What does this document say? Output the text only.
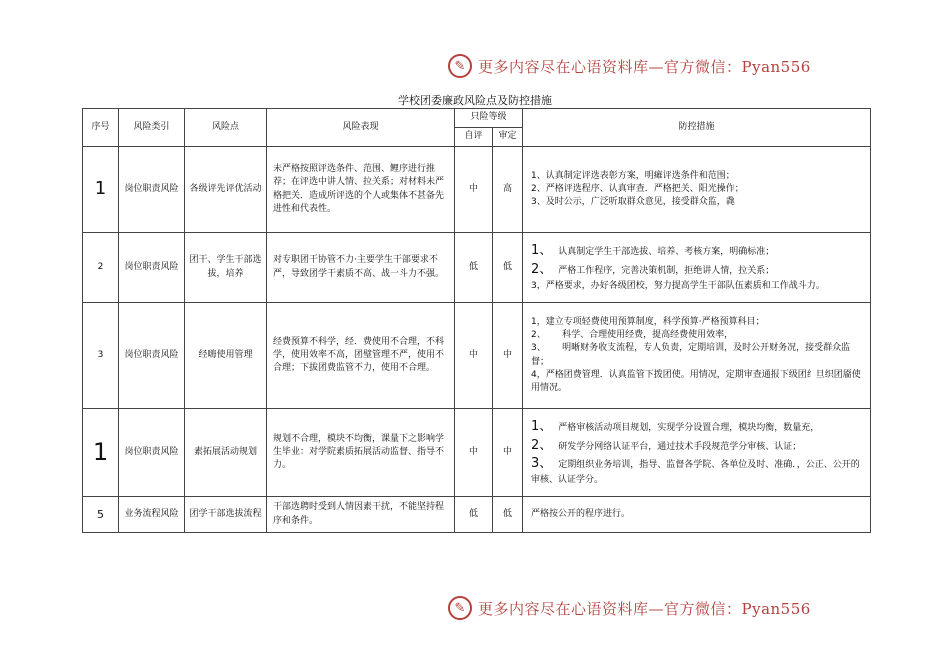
✎ 更多内容尽在心语资料库—官方微信：Pyan556
学校团委廉政风险点及防控措施
序号	风险类引	风险点	风险表现	只险等级		防控措施
				自评	审定	
1	岗位职责风险	各级评先评优活动	未严格按照评选条件、范围、鲤序进行推荐；在评选中讲人情、拉关系；对材料未严格把关．造成所评选的个人或集体不甚备先进性和代表性。	中	高	1、认真制定评选表彰方案，明瘫评选条件和范围；
2、严格评选程序、认真审查．严格把关、阳光操作；
3、及时公示，广泛听取群众意见，接受群众监，毳

2	岗位职责风险	团干、学生干部选拔，培养	对专职团干协管不力·主要学生干部要求不严，导致团学干素质不高、战一斗力不强。	低	低	1、 认真制定学生干部选拔、培养、考核方案，明确标准；
2、 严格工作程序，完善决策机制，拒绝讲人情，拉关系；
3，严格要求，办好各级团校，努力提高学生干部队伍素质和工作战斗力。

3	岗位职责风险	经嗨使用管理	经费预算不科学，经．费使用不合理，不科学，使用效率不高，团璧管理不严，使用不合理；下拔团费监管不力，使用不合理。	中	中	1，建立专项轻费使用预算制度，科学预算·严格预算科目；
2、 科学、合理使用经费，提高经费使用效率，
3、 明晰财务收支流程，专人负责，定期培训，及时公开财务况，接受群众监督；
4，严格团费管理．认真监管下拨团使。用情况，定期审查通报下级团纟旦织团靥使用情况。

1	岗位职责风险	素拓展活动规划	规划不合理，模块不均衡，课量下之影响学生毕业：对学院素质拓展活动监督、指导不力。	中	中	1、 严格审核活动项目规划，实现学分设置合理，模块均衡，数量充，
2、 研发学分网络认证平台，通过技术手段规范学分审核、认证；
3、 定期组织业务培训，指导、监督各学院、各单位及时、准确．，公正、公开的审核、认证学分。

5	业务流程风险	团学干部选拔流程	干部选聘时受到人情因素干扰，不能坚持程序和条件。	低	低	严格按公开的程序进行。
✎ 更多内容尽在心语资料库—官方微信：Pyan556
